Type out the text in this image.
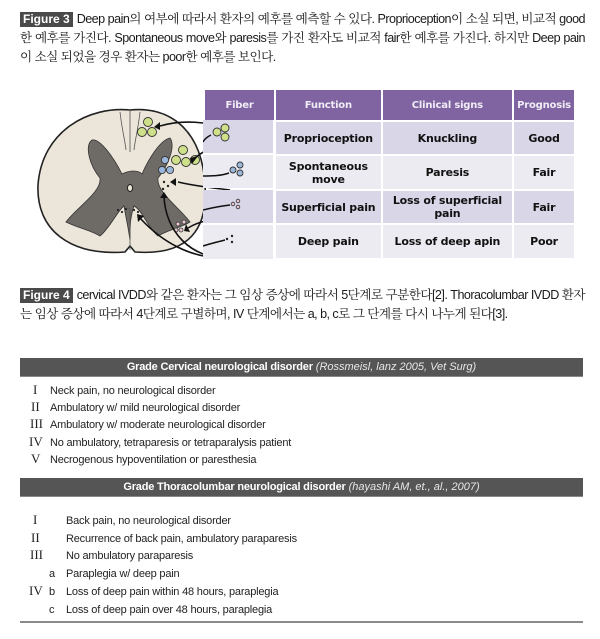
Figure 3 Deep pain의 여부에 따라서 환자의 예후를 예측할 수 있다. Proprioception이 소실 되면, 비교적 good한 예후를 가진다. Spontaneous move와 paresis를 가진 환자도 비교적 fair한 예후를 가진다. 하지만 Deep pain이 소실 되었을 경우 환자는 poor한 예후를 보인다.
Fiber	Function	Clinical signs	Prognosis
	Proprioception	Knuckling	Good
	Spontaneous move	Paresis	Fair
	Superficial pain	Loss of superficial pain	Fair
	Deep pain	Loss of deep apin	Poor
Figure 4 cervical IVDD와 같은 환자는 그 임상 증상에 따라서 5단계로 구분한다[2]. Thoracolumbar IVDD 환자는 임상 증상에 따라서 4단계로 구별하며, IV 단계에서는 a, b, c로 그 단계를 다시 나누게 된다[3].
Grade Cervical neurological disorder (Rossmeisl, lanz 2005, Vet Surg)
I Neck pain, no neurological disorder
II Ambulatory w/ mild neurological disorder
III Ambulatory w/ moderate neurological disorder
IV No ambulatory, tetraparesis or tetraparalysis patient
V Necrogenous hypoventilation or paresthesia
Grade Thoracolumbar neurological disorder (hayashi AM, et., al., 2007)
I	Back pain, no neurological disorder
II Recurrence of back pain, ambulatory paraparesis
III No ambulatory paraparesis
a Paraplegia w/ deep pain
IV b Loss of deep pain within 48 hours, paraplegia
c Loss of deep pain over 48 hours, paraplegia
